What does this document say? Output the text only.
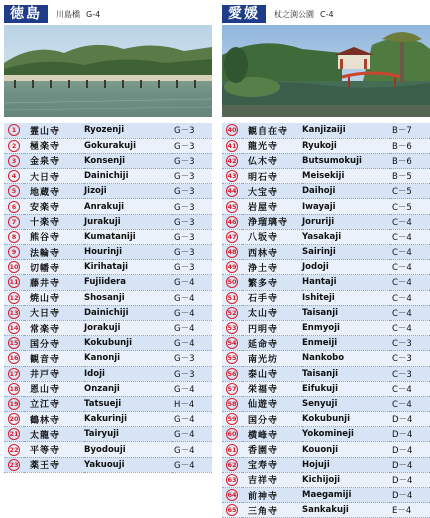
徳島	川島橋 G-4
1	霊山寺	Ryozenji	G－3
2	極楽寺	Gokurakuji	G－3
3	金泉寺	Konsenji	G－3
4	大日寺	Dainichiji	G－3
5	地蔵寺	Jizoji	G－3
6	安楽寺	Anrakuji	G－3
7	十楽寺	Jurakuji	G－3
8	熊谷寺	Kumataniji	G－3
9	法輪寺	Hourinji	G－3
10	切幡寺	Kirihataji	G－3
11	藤井寺	Fujiidera	G－4
12	焼山寺	Shosanji	G－4
13	大日寺	Dainichiji	G－4
14	常楽寺	Jorakuji	G－4
15	国分寺	Kokubunji	G－4
16	観音寺	Kanonji	G－3
17	井戸寺	Idoji	G－3
18	恩山寺	Onzanji	G－4
19	立江寺	Tatsueji	H－4
20	鶴林寺	Kakurinji	G－4
21	太龍寺	Tairyuji	G－4
22	平等寺	Byodouji	G－4
23	薬王寺	Yakuouji	G－4
愛媛	杖之渕公園 C-4
40	観自在寺	Kanjizaiji	B－7
41	龍光寺	Ryukoji	B－6
42	仏木寺	Butsumokuji	B－6
43	明石寺	Meisekiji	B－5
44	大宝寺	Daihoji	C－5
45	岩屋寺	Iwayaji	C－5
46	浄瑠璃寺	Joruriji	C－4
47	八坂寺	Yasakaji	C－4
48	西林寺	Sairinji	C－4
49	浄土寺	Jodoji	C－4
50	繁多寺	Hantaji	C－4
51	石手寺	Ishiteji	C－4
52	太山寺	Taisanji	C－4
53	円明寺	Enmyoji	C－4
54	延命寺	Enmeiji	C－3
55	南光坊	Nankobo	C－3
56	泰山寺	Taisanji	C－3
57	栄福寺	Eifukuji	C－4
58	仙遊寺	Senyuji	C－4
59	国分寺	Kokubunji	D－4
60	横峰寺	Yokomineji	D－4
61	香園寺	Kouonji	D－4
62	宝寿寺	Hojuji	D－4
63	吉祥寺	Kichijoji	D－4
64	前神寺	Maegamiji	D－4
65	三角寺	Sankakuji	E－4
